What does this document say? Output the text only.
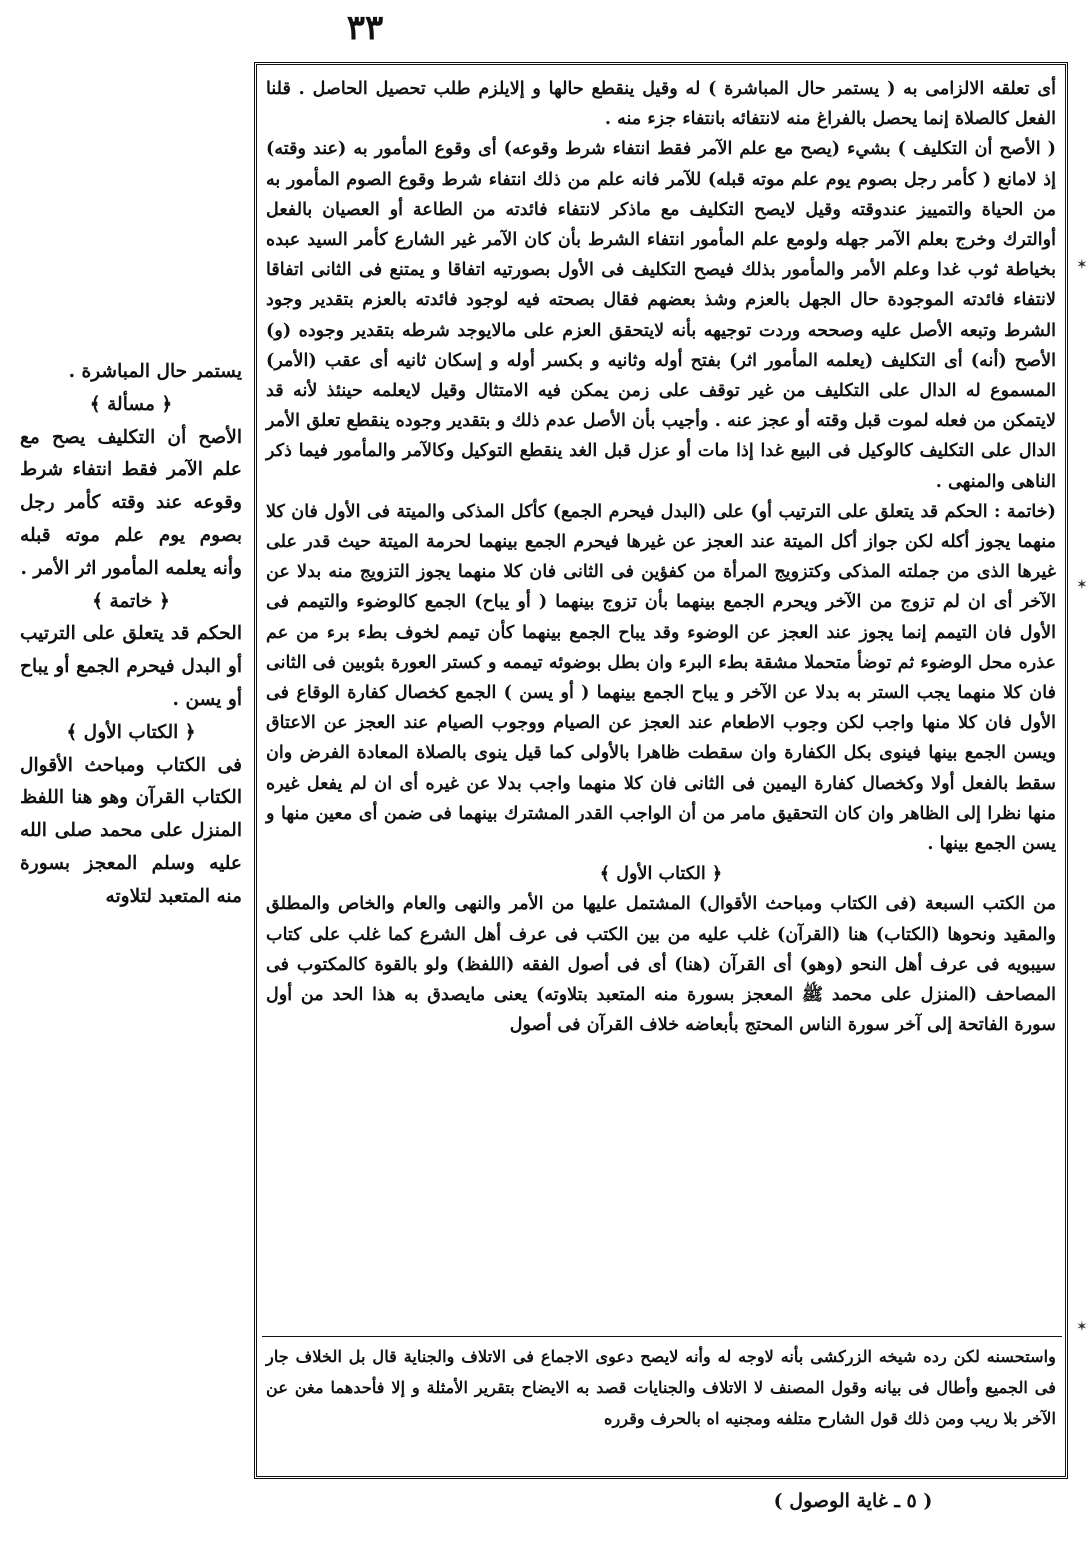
٣٣

أى تعلقه الالزامى به ( يستمر حال المباشرة ) له وقيل ينقطع حالها و إلايلزم طلب تحصيل الحاصل . قلنا الفعل كالصلاة إنما يحصل بالفراغ منه لانتفائه بانتفاء جزء منه .

( الأصح أن التكليف ) بشيء (يصح مع علم الآمر فقط انتفاء شرط وقوعه) أى وقوع المأمور به (عند وقته) إذ لامانع ( كأمر رجل بصوم يوم علم موته قبله) للآمر فانه علم من ذلك انتفاء شرط وقوع الصوم المأمور به من الحياة والتمييز عندوقته وقيل لايصح التكليف مع ماذكر لانتفاء فائدته من الطاعة أو العصيان بالفعل أوالترك وخرج بعلم الآمر جهله ولومع علم المأمور انتفاء الشرط بأن كان الآمر غير الشارع كأمر السيد عبده بخياطة ثوب غدا وعلم الأمر والمأمور بذلك فيصح التكليف فى الأول بصورتيه اتفاقا و يمتنع فى الثانى اتفاقا لانتفاء فائدته الموجودة حال الجهل بالعزم وشذ بعضهم فقال بصحته فيه لوجود فائدته بالعزم بتقدير وجود الشرط وتبعه الأصل عليه وصححه وردت توجيهه بأنه لايتحقق العزم على مالايوجد شرطه بتقدير وجوده (و) الأصح (أنه) أى التكليف (يعلمه المأمور اثر) بفتح أوله وثانيه و بكسر أوله و إسكان ثانيه أى عقب (الأمر) المسموع له الدال على التكليف من غير توقف على زمن يمكن فيه الامتثال وقيل لايعلمه حينئذ لأنه قد لايتمكن من فعله لموت قبل وقته أو عجز عنه . وأجيب بأن الأصل عدم ذلك و بتقدير وجوده ينقطع تعلق الأمر الدال على التكليف كالوكيل فى البيع غدا إذا مات أو عزل قبل الغد ينقطع التوكيل وكالآمر والمأمور فيما ذكر الناهى والمنهى .

(خاتمة : الحكم قد يتعلق على الترتيب أو) على (البدل فيحرم الجمع) كأكل المذكى والميتة فى الأول فان كلا منهما يجوز أكله لكن جواز أكل الميتة عند العجز عن غيرها فيحرم الجمع بينهما لحرمة الميتة حيث قدر على غيرها الذى من جملته المذكى وكتزويج المرأة من كفؤين فى الثانى فان كلا منهما يجوز التزويج منه بدلا عن الآخر أى ان لم تزوج من الآخر ويحرم الجمع بينهما بأن تزوج بينهما ( أو يباح) الجمع كالوضوء والتيمم فى الأول فان التيمم إنما يجوز عند العجز عن الوضوء وقد يباح الجمع بينهما كأن تيمم لخوف بطء برء من عم عذره محل الوضوء ثم توضأ متحملا مشقة بطء البرء وان بطل بوضوئه تيممه و كستر العورة بثوبين فى الثانى فان كلا منهما يجب الستر به بدلا عن الآخر و يباح الجمع بينهما ( أو يسن ) الجمع كخصال كفارة الوقاع فى الأول فان كلا منها واجب لكن وجوب الاطعام عند العجز عن الصيام ووجوب الصيام عند العجز عن الاعتاق ويسن الجمع بينها فينوى بكل الكفارة وان سقطت ظاهرا بالأولى كما قيل ينوى بالصلاة المعادة الفرض وان سقط بالفعل أولا وكخصال كفارة اليمين فى الثانى فان كلا منهما واجب بدلا عن غيره أى ان لم يفعل غيره منها نظرا إلى الظاهر وان كان التحقيق مامر من أن الواجب القدر المشترك بينهما فى ضمن أى معين منها و يسن الجمع بينها .

﴿ الكتاب الأول ﴾

من الكتب السبعة (فى الكتاب ومباحث الأقوال) المشتمل عليها من الأمر والنهى والعام والخاص والمطلق والمقيد ونحوها (الكتاب) هنا (القرآن) غلب عليه من بين الكتب فى عرف أهل الشرع كما غلب على كتاب سيبويه فى عرف أهل النحو (وهو) أى القرآن (هنا) أى فى أصول الفقه (اللفظ) ولو بالقوة كالمكتوب فى المصاحف (المنزل على محمد ﷺ المعجز بسورة منه المتعبد بتلاوته) يعنى مايصدق به هذا الحد من أول سورة الفاتحة إلى آخر سورة الناس المحتج بأبعاضه خلاف القرآن فى أصول

واستحسنه لكن رده شيخه الزركشى بأنه لاوجه له وأنه لايصح دعوى الاجماع فى الاتلاف والجناية قال بل الخلاف جار فى الجميع وأطال فى بيانه وقول المصنف لا الاتلاف والجنايات قصد به الايضاح بتقرير الأمثلة و إلا فأحدهما مغن عن الآخر بلا ريب ومن ذلك قول الشارح متلفه ومجنيه اه بالحرف وقرره

يستمر حال المباشرة .

﴿ مسألة ﴾

الأصح أن التكليف يصح مع علم الآمر فقط انتفاء شرط وقوعه عند وقته كأمر رجل بصوم يوم علم موته قبله وأنه يعلمه المأمور اثر الأمر .

﴿ خاتمة ﴾

الحكم قد يتعلق على الترتيب أو البدل فيحرم الجمع أو يباح أو يسن .

﴿ الكتاب الأول ﴾

فى الكتاب ومباحث الأقوال الكتاب القرآن وهو هنا اللفظ المنزل على محمد صلى الله عليه وسلم المعجز بسورة منه المتعبد لتلاوته

( ٥ ـ غاية الوصول )
✶
✶
✶
